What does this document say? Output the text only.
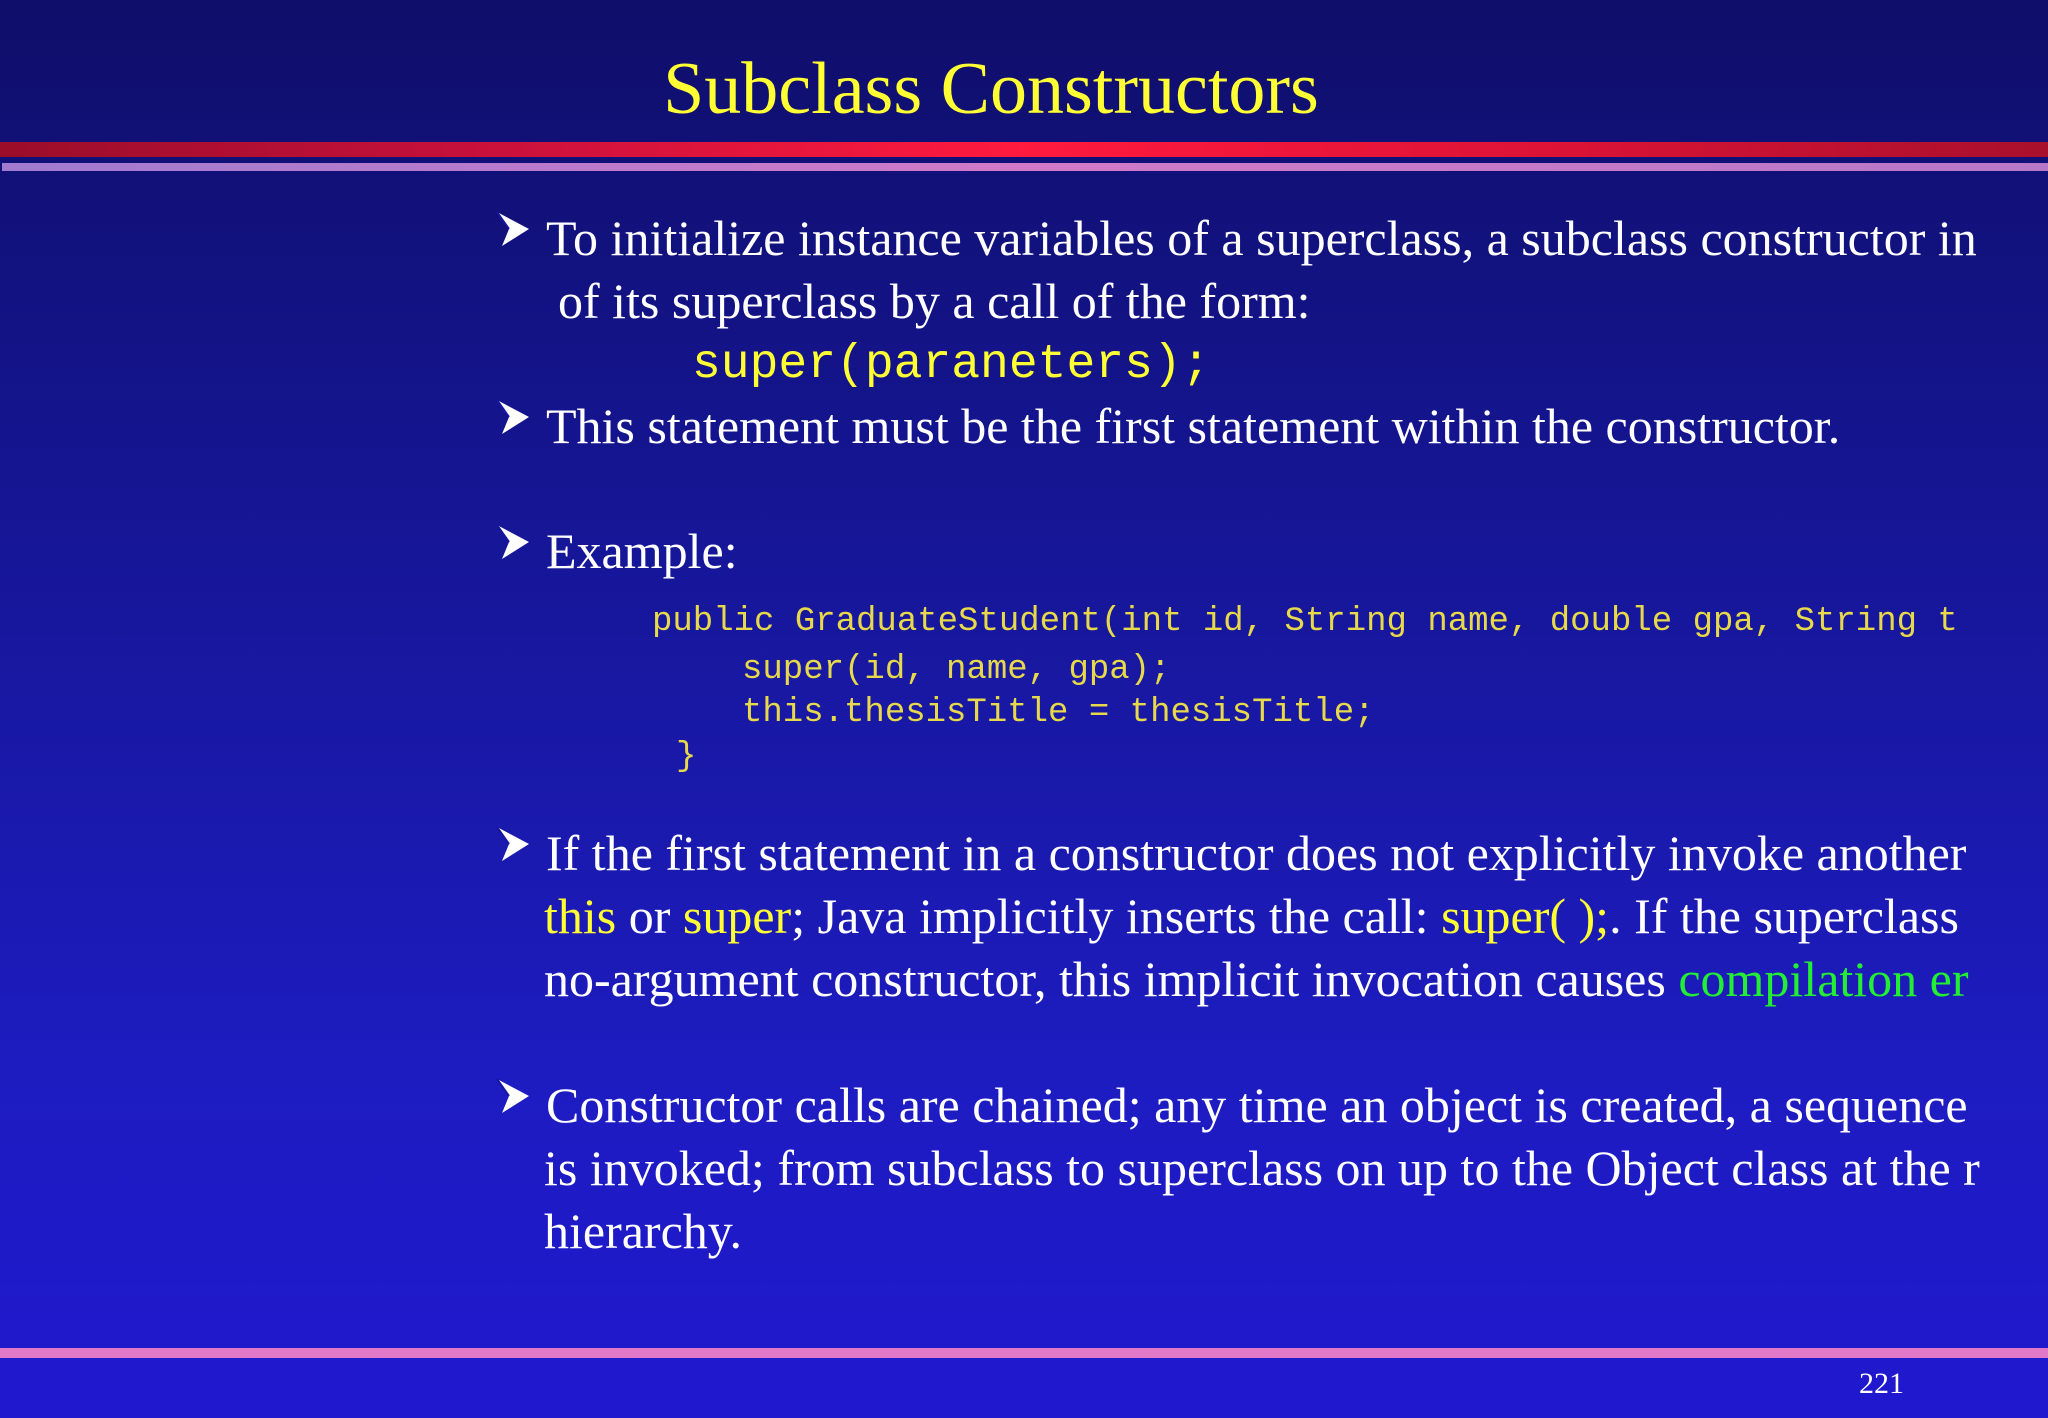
Subclass Constructors
To initialize instance variables of a superclass, a subclass constructor in
of its superclass by a call of the form:
super(paraneters);
This statement must be the first statement within the constructor.
Example:
public GraduateStudent(int id, String name, double gpa, String t
super(id, name, gpa);
this.thesisTitle = thesisTitle;
}
If the first statement in a constructor does not explicitly invoke another
this or super; Java implicitly inserts the call: super( );. If the superclass
no-argument constructor, this implicit invocation causes compilation er
Constructor calls are chained; any time an object is created, a sequence
is invoked; from subclass to superclass on up to the Object class at the r
hierarchy.
221
